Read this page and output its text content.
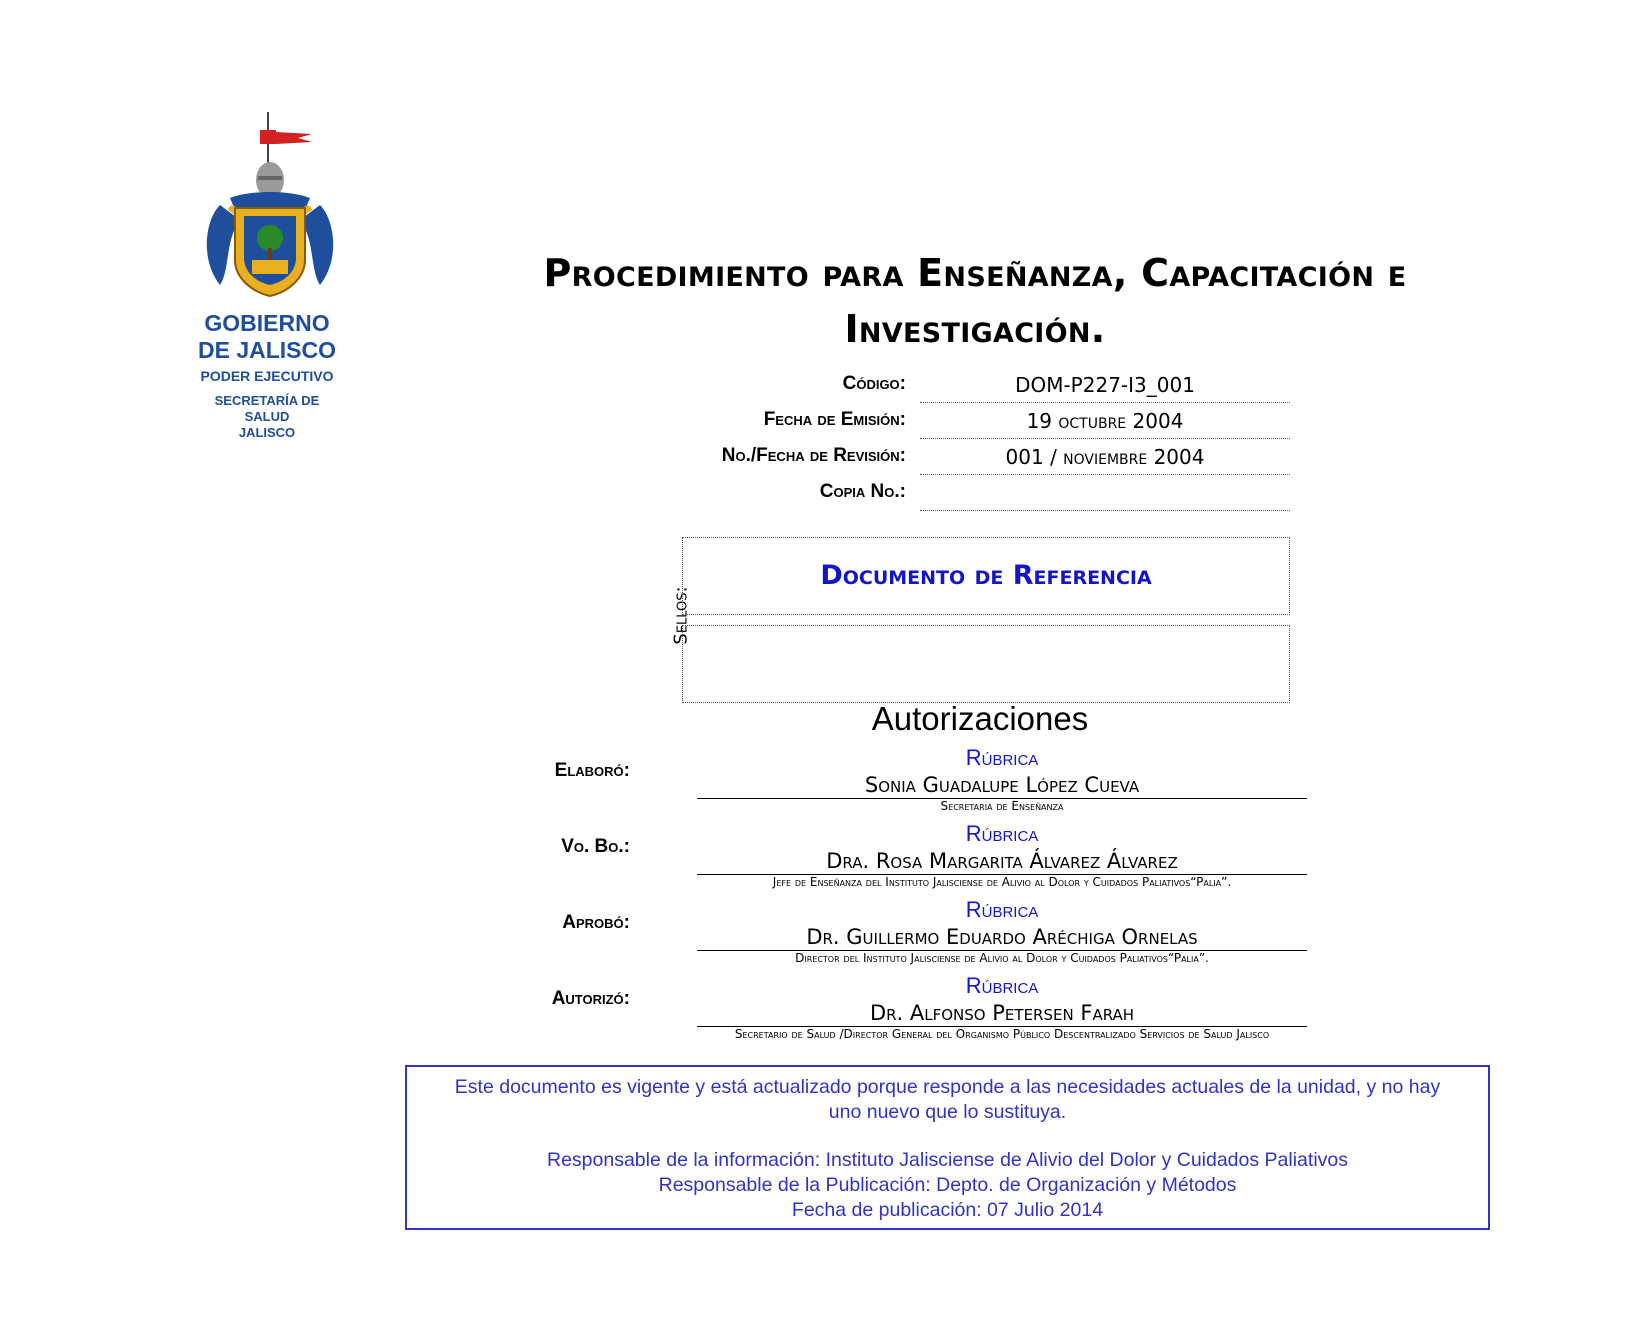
GOBIERNO
DE JALISCO
PODER EJECUTIVO
SECRETARÍA DE
SALUD
JALISCO
Procedimiento para Enseñanza, Capacitación e
Investigación.
Código:	DOM-P227-I3_001
Fecha de Emisión:	19 octubre 2004
No./Fecha de Revisión:	001 / noviembre 2004
Copia No.:
Sellos:
Documento de Referencia
Autorizaciones
Elaboró:
Rúbrica
Sonia Guadalupe López Cueva
Secretaria de Enseñanza
Vo. Bo.:
Rúbrica
Dra. Rosa Margarita Álvarez Álvarez
Jefe de Enseñanza del Instituto Jalisciense de Alivio al Dolor y Cuidados Paliativos“Palia”.
Aprobó:
Rúbrica
Dr. Guillermo Eduardo Aréchiga Ornelas
Director del Instituto Jalisciense de Alivio al Dolor y Cuidados Paliativos“Palia”.
Autorizó:
Rúbrica
Dr. Alfonso Petersen Farah
Secretario de Salud /Director General del Organismo Público Descentralizado Servicios de Salud Jalisco

Este documento es vigente y está actualizado porque responde a las necesidades actuales de la unidad, y no hay uno nuevo que lo sustituya.

Responsable de la información: Instituto Jalisciense de Alivio del Dolor y Cuidados Paliativos

Responsable de la Publicación: Depto. de Organización y Métodos

Fecha de publicación: 07 Julio 2014
